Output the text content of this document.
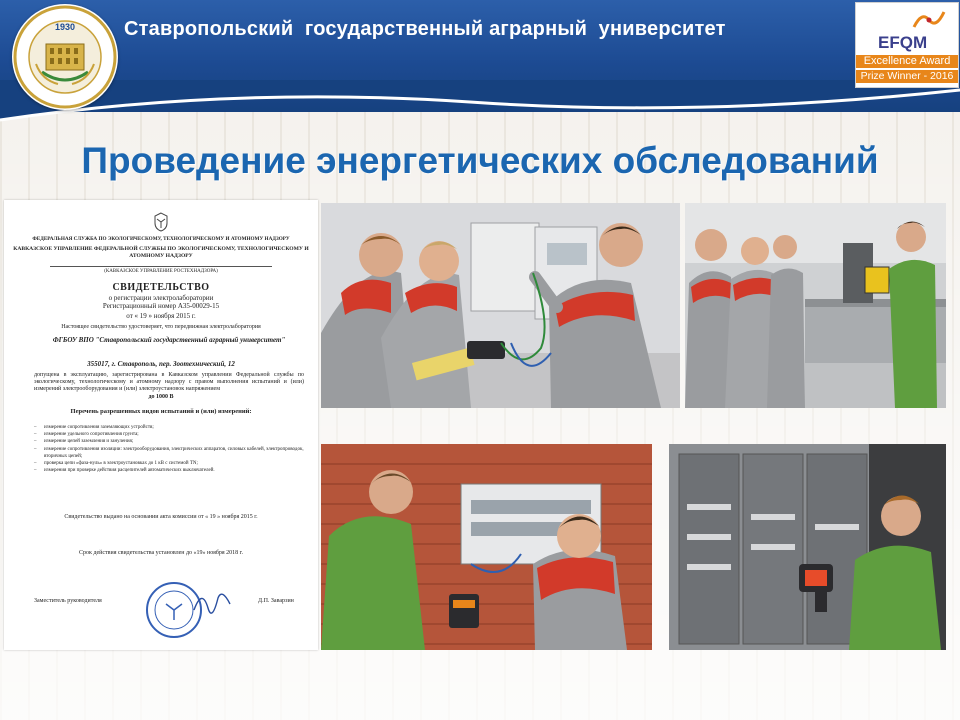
Ставропольский  государственный аграрный  университет
1930
EFQM
Excellence Award
Prize Winner - 2016
Проведение энергетических обследований
ФЕДЕРАЛЬНАЯ СЛУЖБА ПО ЭКОЛОГИЧЕСКОМУ, ТЕХНОЛОГИЧЕСКОМУ И АТОМНОМУ НАДЗОРУ
КАВКАЗСКОЕ УПРАВЛЕНИЕ ФЕДЕРАЛЬНОЙ СЛУЖБЫ ПО ЭКОЛОГИЧЕСКОМУ, ТЕХНОЛОГИЧЕСКОМУ И АТОМНОМУ НАДЗОРУ
(КАВКАЗСКОЕ УПРАВЛЕНИЕ РОСТЕХНАДЗОРА)
СВИДЕТЕЛЬСТВО
о регистрации электролаборатории
Регистрационный номер А35-00029-15
от « 19 » ноября 2015 г.
Настоящее свидетельство удостоверяет, что передвижная электролаборатория
ФГБОУ ВПО "Ставропольский государственный аграрный университет"
355017, г. Ставрополь, пер. Зоотехнический, 12
допущена в эксплуатацию, зарегистрирована в Кавказском управлении Федеральной службы по экологическому, технологическому и атомному надзору с правом выполнения испытаний и (или) измерений электрооборудования и (или) электроустановок напряжением
до 1000 В
Перечень разрешенных видов испытаний и (или) измерений:
– измерение сопротивления заземляющих устройств;
– измерение удельного сопротивления грунта;
– измерение цепей заземления и зануления;
– измерение сопротивления изоляции: электрооборудования, электрических аппаратов, силовых кабелей, электропроводок, вторичных цепей;
– проверка цепи «фаза-нуль» в электроустановках до 1 кВ с системой TN;
– измерения при проверке действия расцепителей автоматических выключателей.
Свидетельство выдано на основании акта комиссии от « 19 » ноября 2015 г.
Срок действия свидетельства установлен до «19» ноября 2018 г.
Заместитель руководителя	Д.П. Заварзин
